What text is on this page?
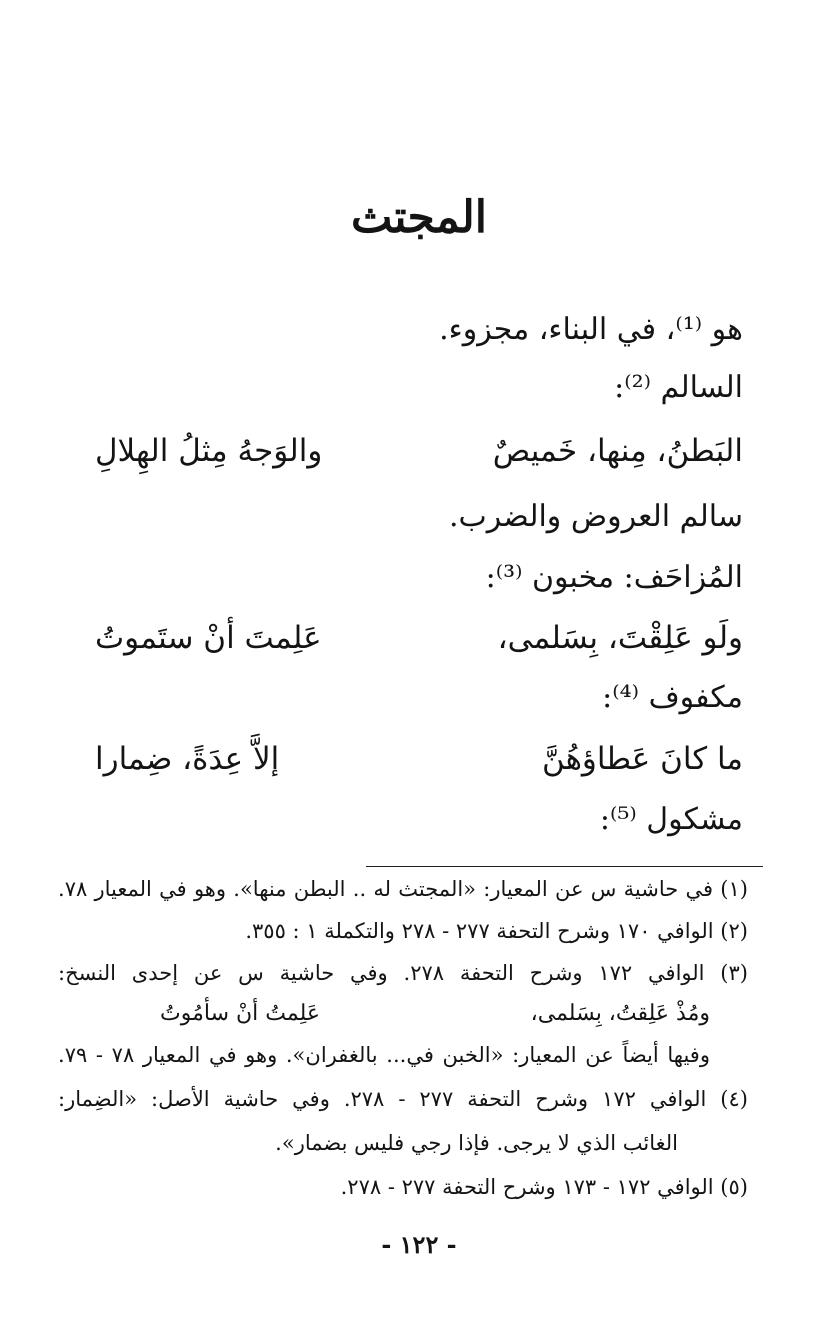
المجتث
هو ⁽¹⁾، في البناء، مجزوء.
السالم ⁽²⁾:
البَطنُ، مِنها، خَميصٌ
والوَجهُ مِثلُ الهِلالِ
سالم العروض والضرب.
المُزاحَف: مخبون ⁽³⁾:
ولَو عَلِقْتَ، بِسَلمى،
عَلِمتَ أنْ ستَموتُ
مكفوف ⁽⁴⁾:
ما كانَ عَطاؤهُنَّ
إلاَّ عِدَةً، ضِمارا
مشكول ⁽⁵⁾:
(١) في حاشية س عن المعيار: «المجتث له .. البطن منها». وهو في المعيار ٧٨.
(٢) الوافي ١٧٠ وشرح التحفة ٢٧٧ - ٢٧٨ والتكملة ١ : ٣٥٥.
(٣) الوافي ١٧٢ وشرح التحفة ٢٧٨. وفي حاشية س عن إحدى النسخ:
ومُذْ عَلِقتُ، بِسَلمى،
عَلِمتُ أنْ سأمُوتُ
وفيها أيضاً عن المعيار: «الخبن في... بالغفران». وهو في المعيار ٧٨ - ٧٩.
(٤) الوافي ١٧٢ وشرح التحفة ٢٧٧ - ٢٧٨. وفي حاشية الأصل: «الضِمار:
الغائب الذي لا يرجى. فإذا رجي فليس بضمار».
(٥) الوافي ١٧٢ - ١٧٣ وشرح التحفة ٢٧٧ - ٢٧٨.
- ١٢٢ -
